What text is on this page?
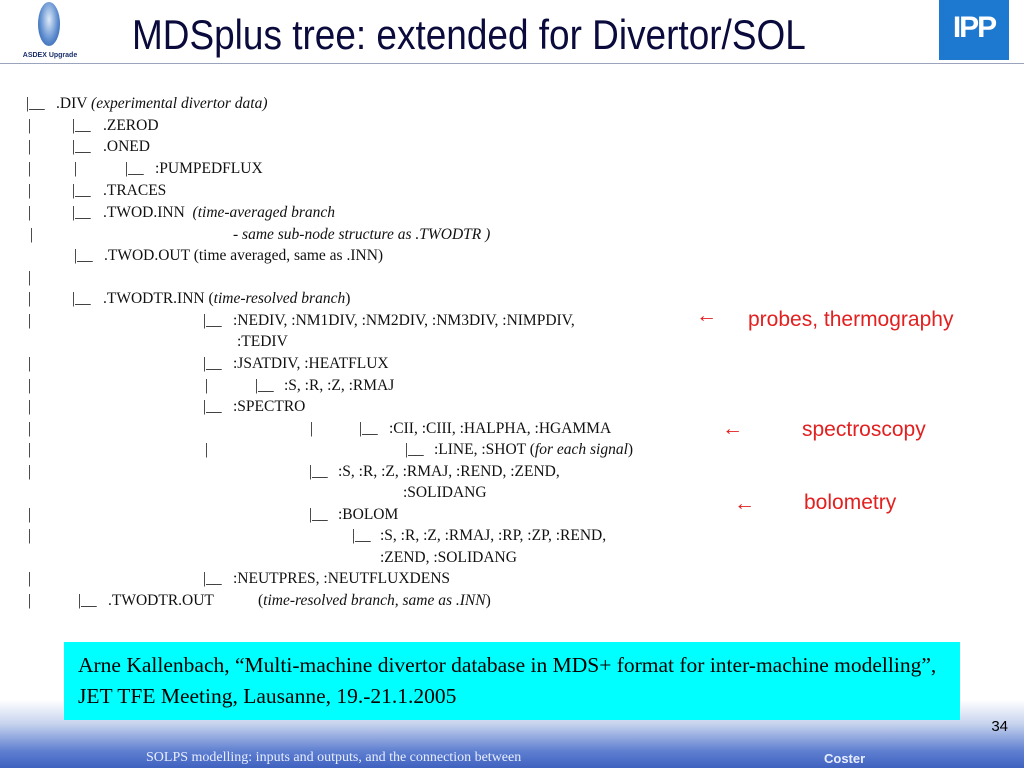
ASDEX Upgrade MDSplus tree: extended for Divertor/SOL	IPP
|__ .DIV (experimental divertor data)
|	|__ .ZEROD
|	|__ .ONED
|	|	|__ :PUMPEDFLUX
|	|__ .TRACES
|	|__ .TWOD.INN (time-averaged branch
|	- same sub-node structure as .TWODTR )
|__ .TWOD.OUT (time averaged, same as .INN)
|
|	|__ .TWODTR.INN (time-resolved branch)
|	|__ :NEDIV, :NM1DIV, :NM2DIV, :NM3DIV, :NIMPDIV,
:TEDIV
|	|__ :JSATDIV, :HEATFLUX
|	|	|__ :S, :R, :Z, :RMAJ
|	|__ :SPECTRO
|	|	|__ :CII, :CIII, :HALPHA, :HGAMMA
|	|	|__ :LINE, :SHOT (for each signal)
|	|__ :S, :R, :Z, :RMAJ, :REND, :ZEND,
:SOLIDANG
|	|__ :BOLOM
|	|__ :S, :R, :Z, :RMAJ, :RP, :ZP, :REND,
:ZEND, :SOLIDANG
|	|__ :NEUTPRES, :NEUTFLUXDENS
|	|__ .TWODTR.OUT	(time-resolved branch, same as .INN)
← probes, thermography
←	spectroscopy
← bolometry
Arne Kallenbach, “Multi-machine divertor database in MDS+ format for inter-machine modelling”, JET TFE Meeting, Lausanne, 19.-21.1.2005
34
SOLPS modelling: inputs and outputs, and the connection between	Coster
